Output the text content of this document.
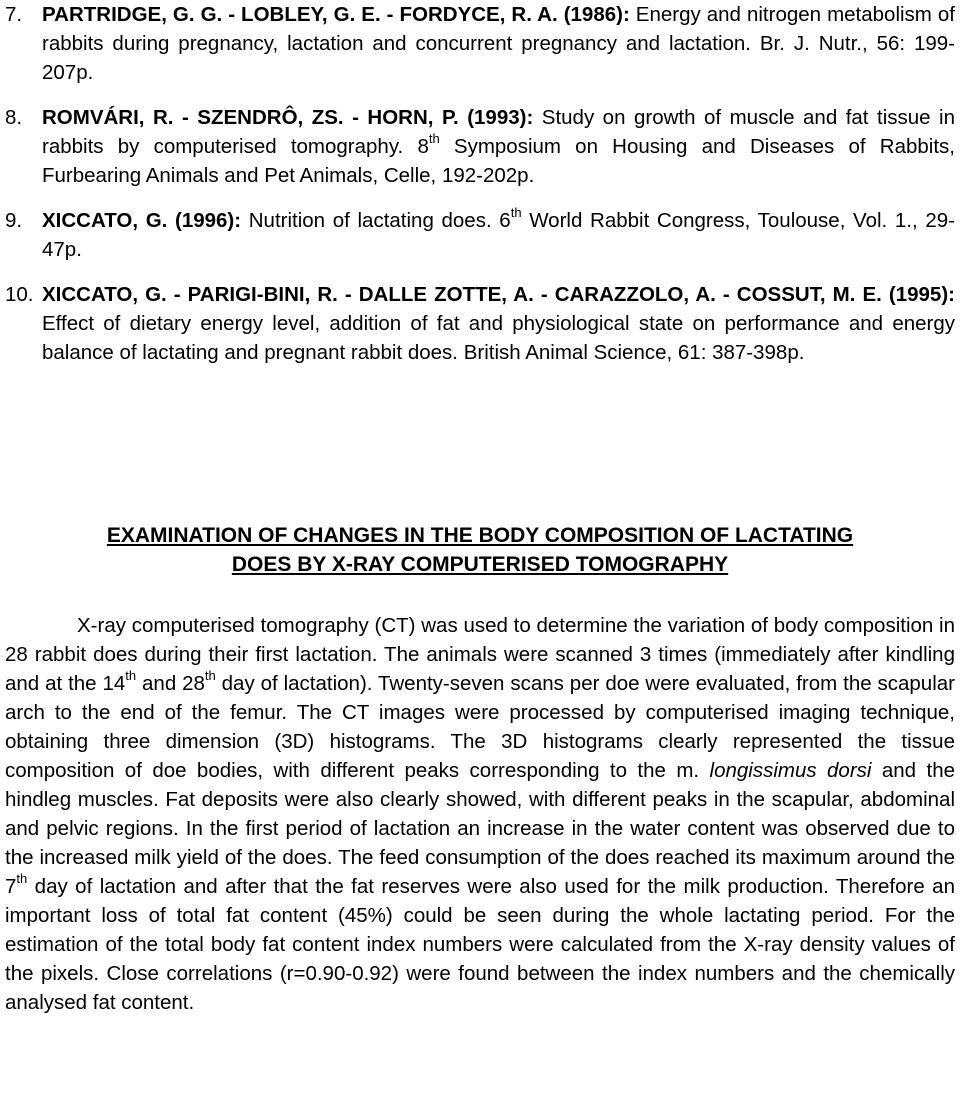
7. PARTRIDGE, G. G. - LOBLEY, G. E. - FORDYCE, R. A. (1986): Energy and nitrogen metabolism of rabbits during pregnancy, lactation and concurrent pregnancy and lactation. Br. J. Nutr., 56: 199-207p.
8. ROMVÁRI, R. - SZENDRÔ, ZS. - HORN, P. (1993): Study on growth of muscle and fat tissue in rabbits by computerised tomography. 8th Symposium on Housing and Diseases of Rabbits, Furbearing Animals and Pet Animals, Celle, 192-202p.
9. XICCATO, G. (1996): Nutrition of lactating does. 6th World Rabbit Congress, Toulouse, Vol. 1., 29-47p.
10. XICCATO, G. - PARIGI-BINI, R. - DALLE ZOTTE, A. - CARAZZOLO, A. - COSSUT, M. E. (1995): Effect of dietary energy level, addition of fat and physiological state on performance and energy balance of lactating and pregnant rabbit does. British Animal Science, 61: 387-398p.
EXAMINATION OF CHANGES IN THE BODY COMPOSITION OF LACTATING
DOES BY X-RAY COMPUTERISED TOMOGRAPHY
X-ray computerised tomography (CT) was used to determine the variation of body composition in 28 rabbit does during their first lactation. The animals were scanned 3 times (immediately after kindling and at the 14th and 28th day of lactation). Twenty-seven scans per doe were evaluated, from the scapular arch to the end of the femur. The CT images were processed by computerised imaging technique, obtaining three dimension (3D) histograms. The 3D histograms clearly represented the tissue composition of doe bodies, with different peaks corresponding to the m. longissimus dorsi and the hindleg muscles. Fat deposits were also clearly showed, with different peaks in the scapular, abdominal and pelvic regions. In the first period of lactation an increase in the water content was observed due to the increased milk yield of the does. The feed consumption of the does reached its maximum around the 7th day of lactation and after that the fat reserves were also used for the milk production. Therefore an important loss of total fat content (45%) could be seen during the whole lactating period. For the estimation of the total body fat content index numbers were calculated from the X-ray density values of the pixels. Close correlations (r=0.90-0.92) were found between the index numbers and the chemically analysed fat content.
